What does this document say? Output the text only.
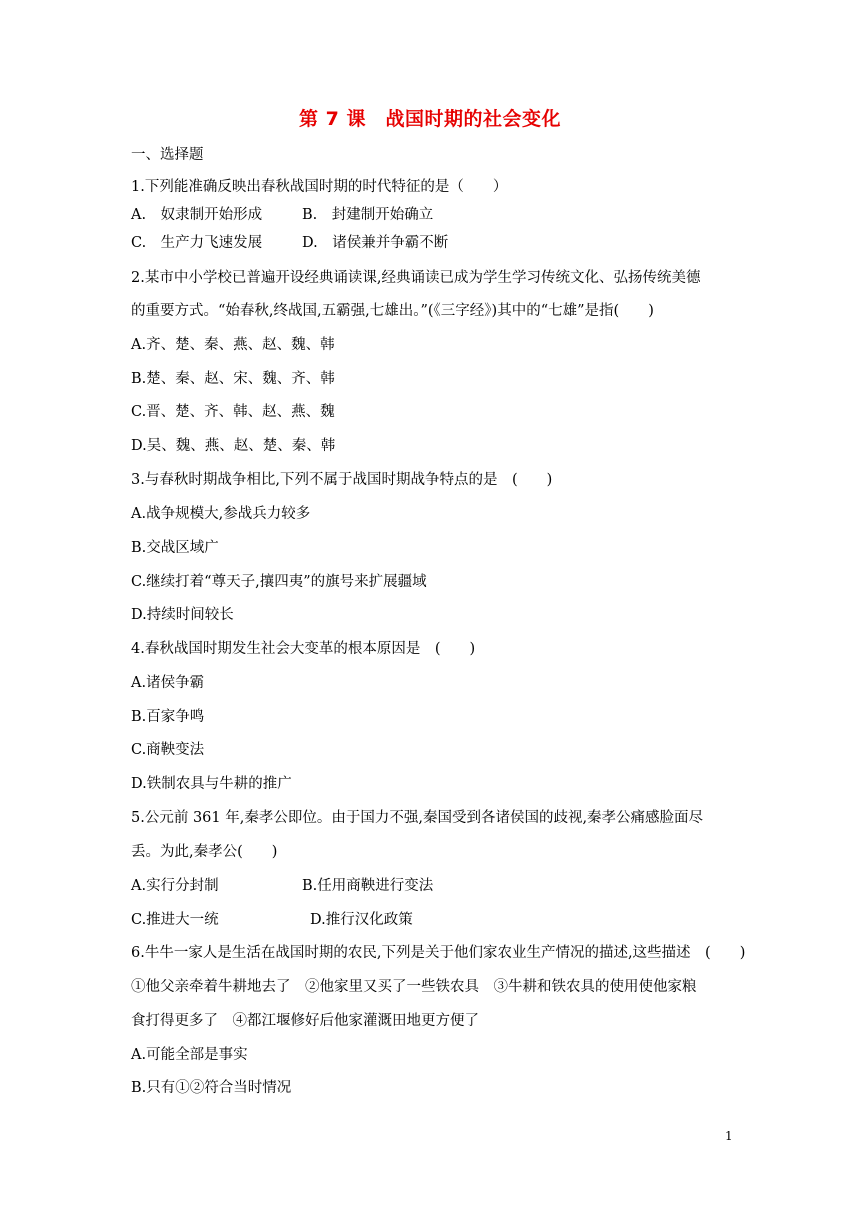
第 7 课　战国时期的社会变化
一、选择题
1.下列能准确反映出春秋战国时期的时代特征的是（　　）
A.　奴隶制开始形成	B.　封建制开始确立
C.　生产力飞速发展	D.　诸侯兼并争霸不断
2.某市中小学校已普遍开设经典诵读课,经典诵读已成为学生学习传统文化、弘扬传统美德
的重要方式。“始春秋,终战国,五霸强,七雄出。”(《三字经》)其中的“七雄”是指(　　)
A.齐、楚、秦、燕、赵、魏、韩
B.楚、秦、赵、宋、魏、齐、韩
C.晋、楚、齐、韩、赵、燕、魏
D.吴、魏、燕、赵、楚、秦、韩
3.与春秋时期战争相比,下列不属于战国时期战争特点的是　(　　)
A.战争规模大,参战兵力较多
B.交战区域广
C.继续打着“尊天子,攘四夷”的旗号来扩展疆域
D.持续时间较长
4.春秋战国时期发生社会大变革的根本原因是　(　　)
A.诸侯争霸
B.百家争鸣
C.商鞅变法
D.铁制农具与牛耕的推广
5.公元前 361 年,秦孝公即位。由于国力不强,秦国受到各诸侯国的歧视,秦孝公痛感脸面尽
丢。为此,秦孝公(　　)
A.实行分封制	B.任用商鞅进行变法
C.推进大一统	D.推行汉化政策
6.牛牛一家人是生活在战国时期的农民,下列是关于他们家农业生产情况的描述,这些描述　(　　)
①他父亲牵着牛耕地去了　②他家里又买了一些铁农具　③牛耕和铁农具的使用使他家粮
食打得更多了　④都江堰修好后他家灌溉田地更方便了
A.可能全部是事实
B.只有①②符合当时情况
1
